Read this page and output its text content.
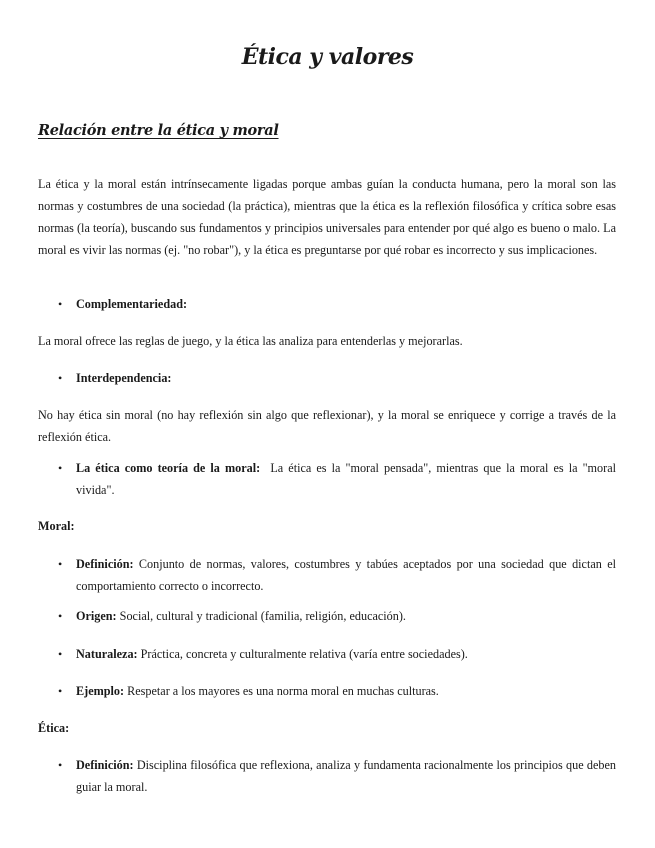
Ética y valores
Relación entre la ética y moral

La ética y la moral están intrínsecamente ligadas porque ambas guían la conducta humana, pero la moral son las normas y costumbres de una sociedad (la práctica), mientras que la ética es la reflexión filosófica y crítica sobre esas normas (la teoría), buscando sus fundamentos y principios universales para entender por qué algo es bueno o malo. La moral es vivir las normas (ej. "no robar"), y la ética es preguntarse por qué robar es incorrecto y sus implicaciones.

• Complementariedad:

La moral ofrece las reglas de juego, y la ética las analiza para entenderlas y mejorarlas.

• Interdependencia:

No hay ética sin moral (no hay reflexión sin algo que reflexionar), y la moral se enriquece y corrige a través de la reflexión ética.

• La ética como teoría de la moral: La ética es la "moral pensada", mientras que la moral es la "moral vivida".

Moral:

• Definición: Conjunto de normas, valores, costumbres y tabúes aceptados por una sociedad que dictan el comportamiento correcto o incorrecto.

• Origen: Social, cultural y tradicional (familia, religión, educación).

• Naturaleza: Práctica, concreta y culturalmente relativa (varía entre sociedades).

• Ejemplo: Respetar a los mayores es una norma moral en muchas culturas.

Ética:

• Definición: Disciplina filosófica que reflexiona, analiza y fundamenta racionalmente los principios que deben guiar la moral.
